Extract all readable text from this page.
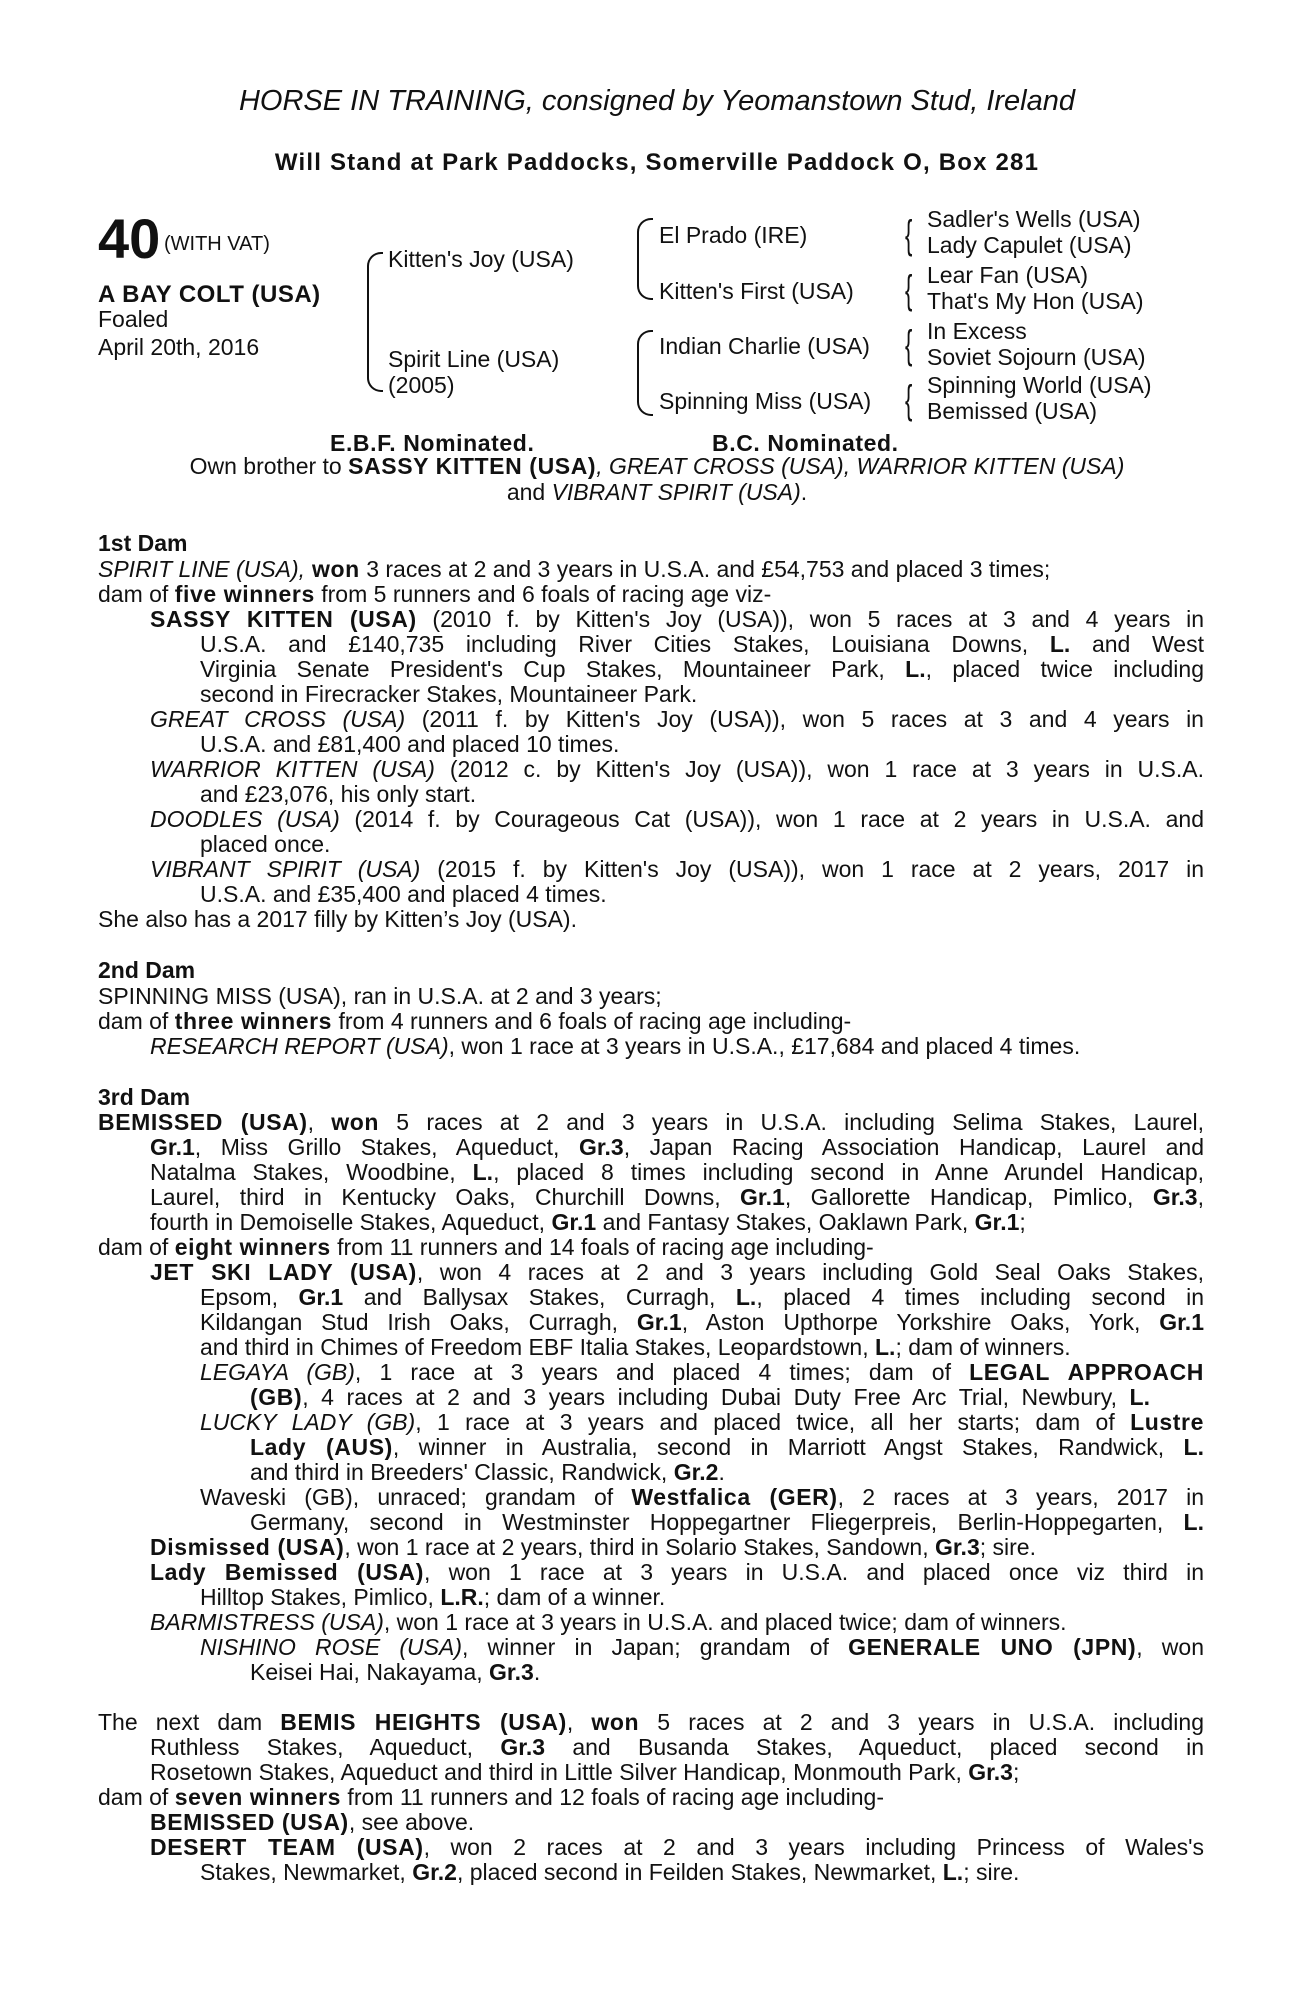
HORSE IN TRAINING, consigned by Yeomanstown Stud, Ireland
Will Stand at Park Paddocks, Somerville Paddock O, Box 281
40 (WITH VAT)
A BAY COLT (USA)
Foaled
April 20th, 2016
Kitten's Joy (USA)
Spirit Line (USA)
(2005)
El Prado (IRE)
Kitten's First (USA)
Indian Charlie (USA)
Spinning Miss (USA)
{ Sadler's Wells (USA)
Lady Capulet (USA)
{ Lear Fan (USA)
That's My Hon (USA)
{ In Excess
Soviet Sojourn (USA)
{ Spinning World (USA)
Bemissed (USA)
E.B.F. Nominated.	B.C. Nominated.
Own brother to SASSY KITTEN (USA), GREAT CROSS (USA), WARRIOR KITTEN (USA)
and VIBRANT SPIRIT (USA).
1st Dam
SPIRIT LINE (USA), won 3 races at 2 and 3 years in U.S.A. and £54,753 and placed 3 times;
dam of five winners from 5 runners and 6 foals of racing age viz-
SASSY KITTEN (USA) (2010 f. by Kitten's Joy (USA)), won 5 races at 3 and 4 years in
U.S.A. and £140,735 including River Cities Stakes, Louisiana Downs, L. and West
Virginia Senate President's Cup Stakes, Mountaineer Park, L., placed twice including
second in Firecracker Stakes, Mountaineer Park.
GREAT CROSS (USA) (2011 f. by Kitten's Joy (USA)), won 5 races at 3 and 4 years in
U.S.A. and £81,400 and placed 10 times.
WARRIOR KITTEN (USA) (2012 c. by Kitten's Joy (USA)), won 1 race at 3 years in U.S.A.
and £23,076, his only start.
DOODLES (USA) (2014 f. by Courageous Cat (USA)), won 1 race at 2 years in U.S.A. and
placed once.
VIBRANT SPIRIT (USA) (2015 f. by Kitten's Joy (USA)), won 1 race at 2 years, 2017 in
U.S.A. and £35,400 and placed 4 times.
She also has a 2017 filly by Kitten’s Joy (USA).
2nd Dam
SPINNING MISS (USA), ran in U.S.A. at 2 and 3 years;
dam of three winners from 4 runners and 6 foals of racing age including-
RESEARCH REPORT (USA), won 1 race at 3 years in U.S.A., £17,684 and placed 4 times.
3rd Dam
BEMISSED (USA), won 5 races at 2 and 3 years in U.S.A. including Selima Stakes, Laurel,
Gr.1, Miss Grillo Stakes, Aqueduct, Gr.3, Japan Racing Association Handicap, Laurel and
Natalma Stakes, Woodbine, L., placed 8 times including second in Anne Arundel Handicap,
Laurel, third in Kentucky Oaks, Churchill Downs, Gr.1, Gallorette Handicap, Pimlico, Gr.3,
fourth in Demoiselle Stakes, Aqueduct, Gr.1 and Fantasy Stakes, Oaklawn Park, Gr.1;
dam of eight winners from 11 runners and 14 foals of racing age including-
JET SKI LADY (USA), won 4 races at 2 and 3 years including Gold Seal Oaks Stakes,
Epsom, Gr.1 and Ballysax Stakes, Curragh, L., placed 4 times including second in
Kildangan Stud Irish Oaks, Curragh, Gr.1, Aston Upthorpe Yorkshire Oaks, York, Gr.1
and third in Chimes of Freedom EBF Italia Stakes, Leopardstown, L.; dam of winners.
LEGAYA (GB), 1 race at 3 years and placed 4 times; dam of LEGAL APPROACH
(GB), 4 races at 2 and 3 years including Dubai Duty Free Arc Trial, Newbury, L.
LUCKY LADY (GB), 1 race at 3 years and placed twice, all her starts; dam of Lustre
Lady (AUS), winner in Australia, second in Marriott Angst Stakes, Randwick, L.
and third in Breeders' Classic, Randwick, Gr.2.
Waveski (GB), unraced; grandam of Westfalica (GER), 2 races at 3 years, 2017 in
Germany, second in Westminster Hoppegartner Fliegerpreis, Berlin-Hoppegarten, L.
Dismissed (USA), won 1 race at 2 years, third in Solario Stakes, Sandown, Gr.3; sire.
Lady Bemissed (USA), won 1 race at 3 years in U.S.A. and placed once viz third in
Hilltop Stakes, Pimlico, L.R.; dam of a winner.
BARMISTRESS (USA), won 1 race at 3 years in U.S.A. and placed twice; dam of winners.
NISHINO ROSE (USA), winner in Japan; grandam of GENERALE UNO (JPN), won
Keisei Hai, Nakayama, Gr.3.
The next dam BEMIS HEIGHTS (USA), won 5 races at 2 and 3 years in U.S.A. including
Ruthless Stakes, Aqueduct, Gr.3 and Busanda Stakes, Aqueduct, placed second in
Rosetown Stakes, Aqueduct and third in Little Silver Handicap, Monmouth Park, Gr.3;
dam of seven winners from 11 runners and 12 foals of racing age including-
BEMISSED (USA), see above.
DESERT TEAM (USA), won 2 races at 2 and 3 years including Princess of Wales's
Stakes, Newmarket, Gr.2, placed second in Feilden Stakes, Newmarket, L.; sire.
